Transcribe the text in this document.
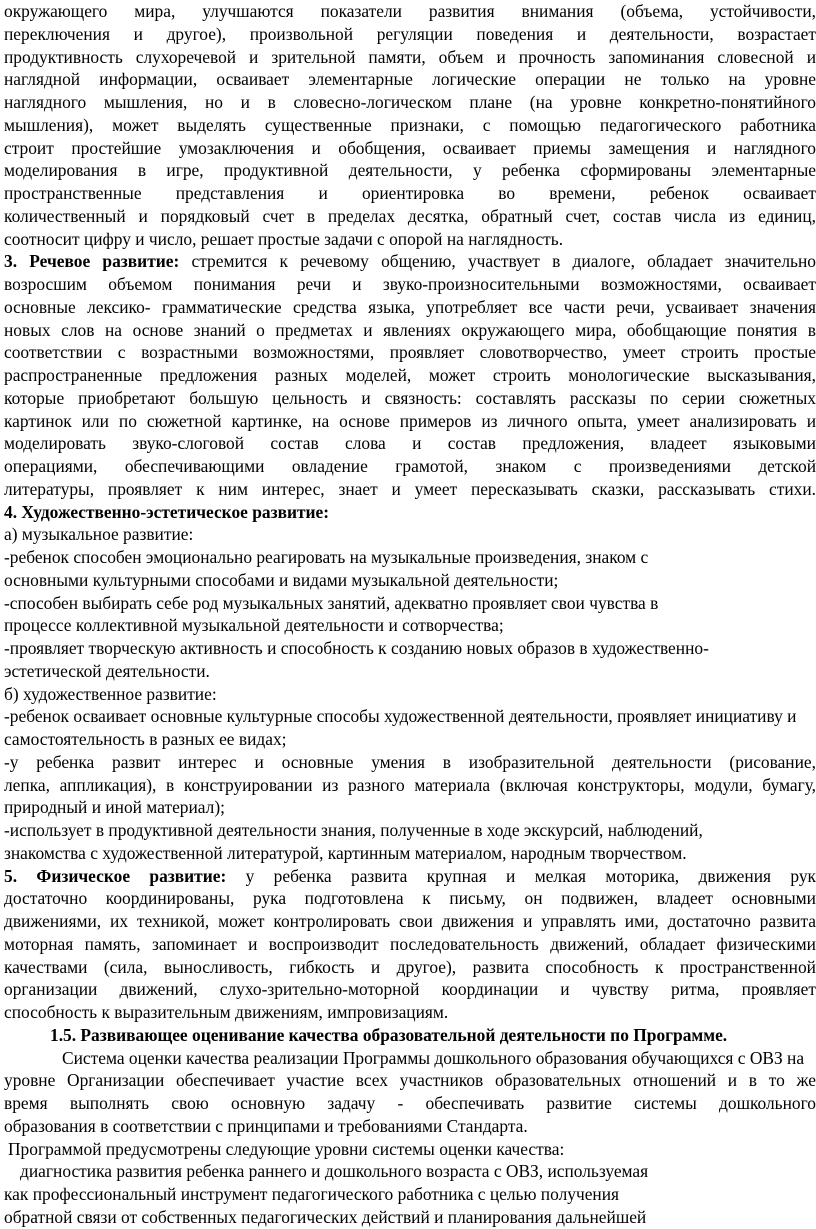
окружающего мира, улучшаются показатели развития внимания (объема, устойчивости,
переключения и другое), произвольной регуляции поведения и деятельности, возрастает
продуктивность слухоречевой и зрительной памяти, объем и прочность запоминания словесной и
наглядной информации, осваивает элементарные логические операции не только на уровне
наглядного мышления, но и в словесно-логическом плане (на уровне конкретно-понятийного
мышления), может выделять существенные признаки, с помощью педагогического работника
строит простейшие умозаключения и обобщения, осваивает приемы замещения и наглядного
моделирования в игре, продуктивной деятельности, у ребенка сформированы элементарные
пространственные представления и ориентировка во времени, ребенок осваивает
количественный и порядковый счет в пределах десятка, обратный счет, состав числа из единиц,
соотносит цифру и число, решает простые задачи с опорой на наглядность.
3. Речевое развитие: стремится к речевому общению, участвует в диалоге, обладает значительно
возросшим объемом понимания речи и звуко-произносительными возможностями, осваивает
основные лексико- грамматические средства языка, употребляет все части речи, усваивает значения
новых слов на основе знаний о предметах и явлениях окружающего мира, обобщающие понятия в
соответствии с возрастными возможностями, проявляет словотворчество, умеет строить простые
распространенные предложения разных моделей, может строить монологические высказывания,
которые приобретают большую цельность и связность: составлять рассказы по серии сюжетных
картинок или по сюжетной картинке, на основе примеров из личного опыта, умеет анализировать и
моделировать звуко-слоговой состав слова и состав предложения, владеет языковыми
операциями, обеспечивающими овладение грамотой, знаком с произведениями детской
литературы, проявляет к ним интерес, знает и умеет пересказывать сказки, рассказывать стихи.
4. Художественно-эстетическое развитие:
а) музыкальное развитие:
-ребенок способен эмоционально реагировать на музыкальные произведения, знаком с
основными культурными способами и видами музыкальной деятельности;
-способен выбирать себе род музыкальных занятий, адекватно проявляет свои чувства в
процессе коллективной музыкальной деятельности и сотворчества;
-проявляет творческую активность и способность к созданию новых образов в художественно-
эстетической деятельности.
б) художественное развитие:
-ребенок осваивает основные культурные способы художественной деятельности, проявляет инициативу и
самостоятельность в разных ее видах;
-у ребенка развит интерес и основные умения в изобразительной деятельности (рисование,
лепка, аппликация), в конструировании из разного материала (включая конструкторы, модули, бумагу,
природный и иной материал);
-использует в продуктивной деятельности знания, полученные в ходе экскурсий, наблюдений,
знакомства с художественной литературой, картинным материалом, народным творчеством.
5. Физическое развитие: у ребенка развита крупная и мелкая моторика, движения рук
достаточно координированы, рука подготовлена к письму, он подвижен, владеет основными
движениями, их техникой, может контролировать свои движения и управлять ими, достаточно развита
моторная память, запоминает и воспроизводит последовательность движений, обладает физическими
качествами (сила, выносливость, гибкость и другое), развита способность к пространственной
организации движений, слухо-зрительно-моторной координации и чувству ритма, проявляет
способность к выразительным движениям, импровизациям.
1.5. Развивающее оценивание качества образовательной деятельности по Программе.
Система оценки качества реализации Программы дошкольного образования обучающихся с ОВЗ на
уровне Организации обеспечивает участие всех участников образовательных отношений и в то же
время выполнять свою основную задачу - обеспечивать развитие системы дошкольного
образования в соответствии с принципами и требованиями Стандарта.
Программой предусмотрены следующие уровни системы оценки качества:
диагностика развития ребенка раннего и дошкольного возраста с ОВЗ, используемая
как профессиональный инструмент педагогического работника с целью получения
обратной связи от собственных педагогических действий и планирования дальнейшей
